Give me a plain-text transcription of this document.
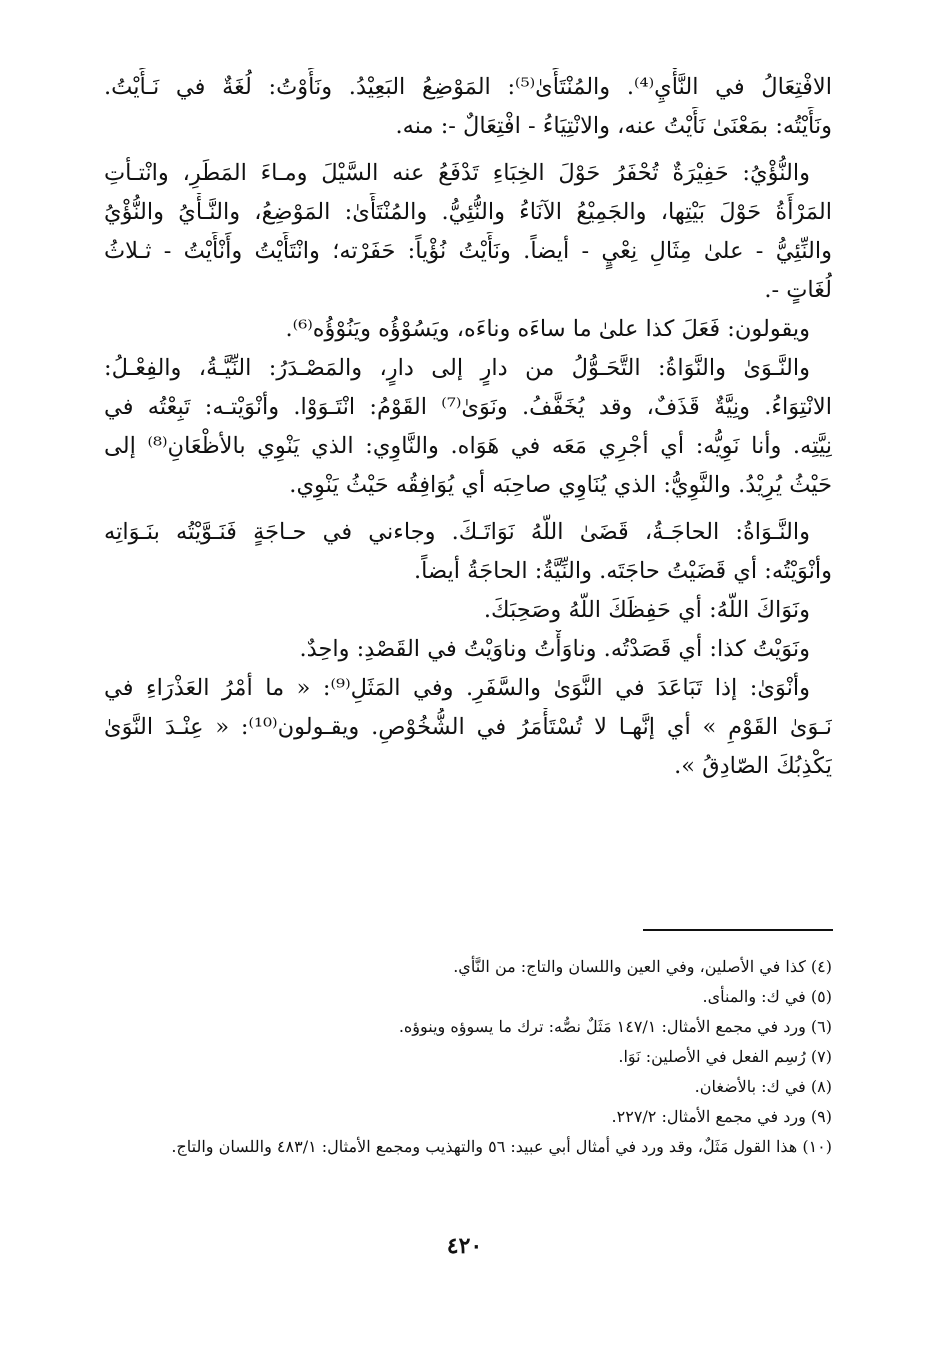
الافْتِعَالُ في النَّأْيِ⁽⁴⁾. والمُنْتَأَىٰ⁽⁵⁾: المَوْضِعُ البَعِيْدُ. ونَأَوْتُ: لُغَةٌ في نَـأَيْتُ.
ونَأَيْتُه: بمَعْنَىٰ نَأَيْتُ عنه، والانْتِيَاءُ - افْتِعَالٌ -: منه.
والنُّؤْيُ: حَفِيْرَةٌ تُحْفَرُ حَوْلَ الخِبَاءِ تَدْفَعُ عنه السَّيْلَ ومـاءَ المَطَرِ، وانْتـأتِ
المَرْأَةُ حَوْلَ بَيْتِها، والجَمِيْعُ الآنَاءُ والنُّئِيُّ. والمُنْتَأَىٰ: المَوْضِعُ، والنَّـأْيُ والنُّؤْيُ
والنِّئِيُّ - علىٰ مِثَالِ نِعْيٍ - أيضاً. ونَأَيْتُ نُؤْياً: حَفَرْته؛ وانْتَأَيْتُ وأَنْأَيْتُ - ثـلاثُ
لُغَاتٍ -.
ويقولون: فَعَلَ كذا علىٰ ما ساءَه وناءَه، ويَسُوْؤُه ويَنُوْؤُه⁽⁶⁾.
والنَّـوَىٰ والنَّوَاةُ: التَّحَـوُّلُ من دارٍ إلى دارٍ، والمَصْـدَرُ: النِّيَّـةُ، والفِعْـلُ:
الانْتِوَاءُ. ونِيَّةٌ قَذَفٌ، وقد يُخَفَّفُ. ونَوَىٰ⁽⁷⁾ القَوْمُ: انْتَـوَوْا. وأنْوَيْتـه: تَبِعْتُه في
نِيَّتِه. وأنا نَوِيُّه: أي أجْرِي مَعَه في هَوَاه. والنَّاوِي: الذي يَنْوِي بالأظْعَانِ⁽⁸⁾ إلى
حَيْثُ يُرِيْدُ. والنَّوِيُّ: الذي يُنَاوِي صاحِبَه أي يُوَافِقُه حَيْثُ يَنْوِي.
والنَّـوَاةُ: الحاجَـةُ، قَضَىٰ اللّهُ نَوَاتَـكَ. وجاءني في حـاجَةٍ فَنَـوَّيْتُه بنَـوَاتِه
وأنْوَيْتُه: أي قَضَيْتُ حاجَتَه. والنِّيَّةُ: الحاجَةُ أيضاً.
ونَوَاكَ اللّهُ: أي حَفِظَكَ اللّهُ وصَحِبَكَ.
ونَوَيْتُ كذا: أي قَصَدْتُه. وناوَأْتُ وناوَيْتُ في القَصْدِ: واحِدٌ.
وأنْوَىٰ: إذا تَبَاعَدَ في النَّوَىٰ والسَّفَرِ. وفي المَثَلِ⁽⁹⁾: « ما أمْرُ العَذْرَاءِ في
نَـوَىٰ القَوْمِ » أي إنَّهـا لا تُسْتَأْمَرُ في الشُّخُوْصِ. ويقـولون⁽¹⁰⁾: « عِنْـدَ النَّوَىٰ
يَكْذِبُكَ الصّادِقُ ».
(٤) كذا في الأصلين، وفي العين واللسان والتاج: من النَّأي.
(٥) في ك: والمنأى.
(٦) ورد في مجمع الأمثال: ١٤٧/١ مَثَلٌ نصُّه: ترك ما يسوؤه وينوؤه.
(٧) رُسِم الفعل في الأصلين: نَوَا.
(٨) في ك: بالأضغان.
(٩) ورد في مجمع الأمثال: ٢٢٧/٢.
(١٠) هذا القول مَثَلٌ، وقد ورد في أمثال أبي عبيد: ٥٦ والتهذيب ومجمع الأمثال: ٤٨٣/١ واللسان والتاج.
٤٢٠
